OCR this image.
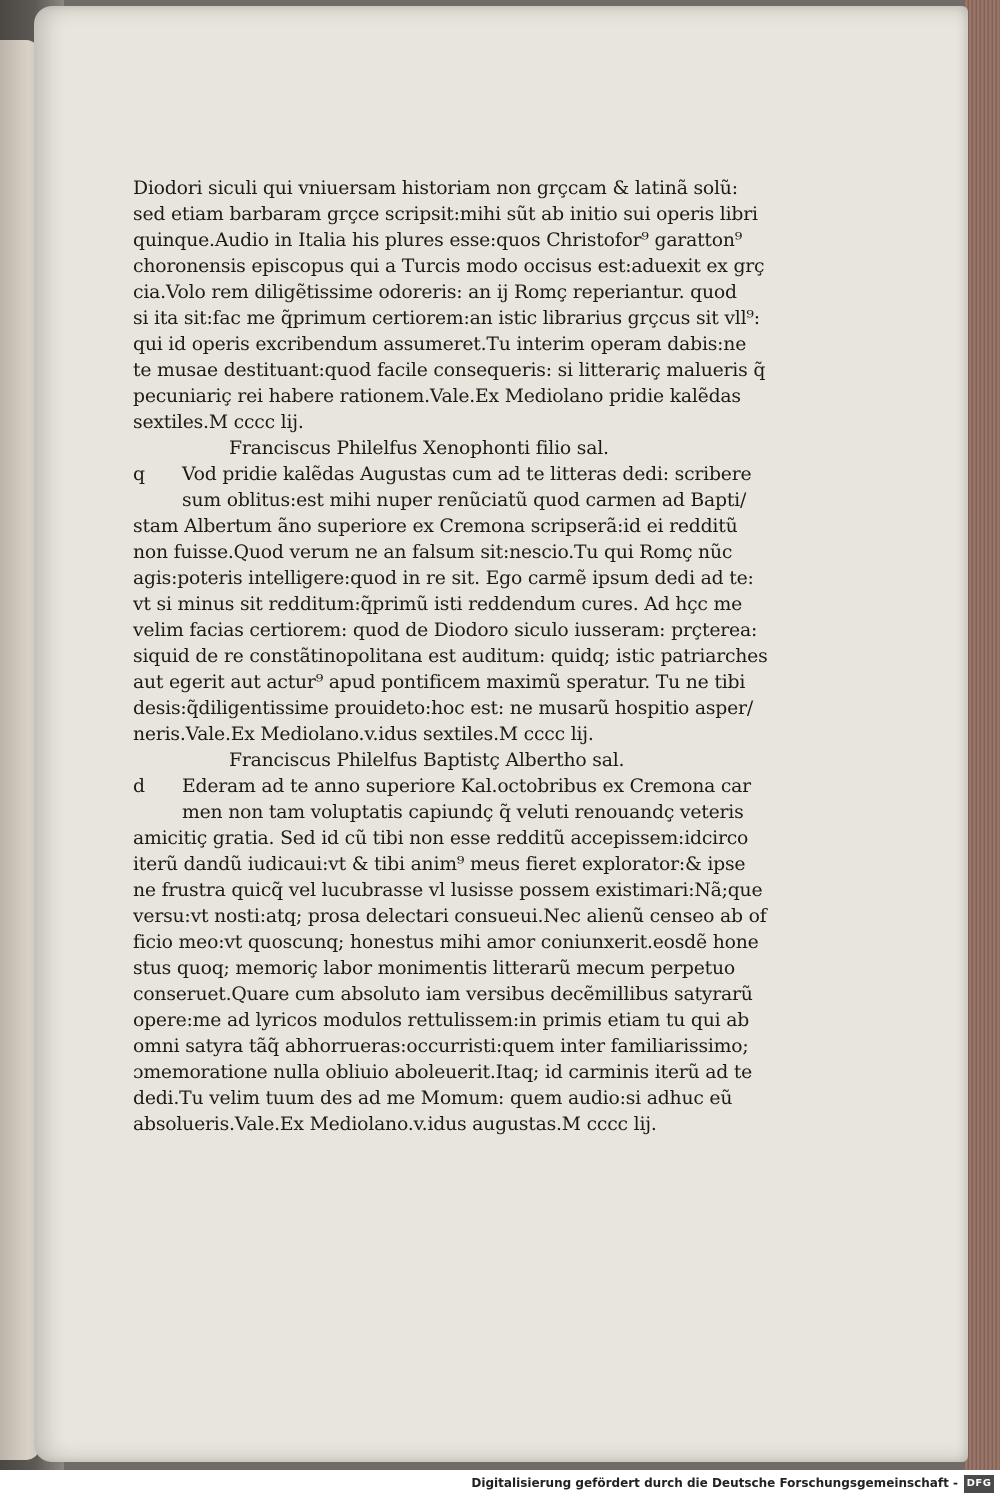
Diodori siculi qui vniuersam historiam non grçcam & latinã solũ:
sed etiam barbaram grçce scripsit:mihi sũt ab initio sui operis libri
quinque.Audio in Italia his plures esse:quos Christofor⁹ garatton⁹
choronensis episcopus qui a Turcis modo occisus est:aduexit ex grç
cia.Volo rem diligẽtissime odoreris: an ij Romç reperiantur. quod
si ita sit:fac me q̃primum certiorem:an istic librarius grçcus sit vll⁹:
qui id operis excribendum assumeret.Tu interim operam dabis:ne
te musae destituant:quod facile consequeris: si litterariç malueris q̃
pecuniariç rei habere rationem.Vale.Ex Mediolano pridie kalẽdas
sextiles.M cccc lij.
Franciscus Philelfus Xenophonti filio sal.
q	Vod pridie kalẽdas Augustas cum ad te litteras dedi: scribere
sum oblitus:est mihi nuper renũciatũ quod carmen ad Bapti/
stam Albertum ãno superiore ex Cremona scripserã:id ei redditũ
non fuisse.Quod verum ne an falsum sit:nescio.Tu qui Romç nũc
agis:poteris intelligere:quod in re sit. Ego carmẽ ipsum dedi ad te:
vt si minus sit redditum:q̃primũ isti reddendum cures. Ad hçc me
velim facias certiorem: quod de Diodoro siculo iusseram: prçterea:
siquid de re constãtinopolitana est auditum: quidq; istic patriarches
aut egerit aut actur⁹ apud pontificem maximũ speratur. Tu ne tibi
desis:q̃diligentissime prouideto:hoc est: ne musarũ hospitio asper/
neris.Vale.Ex Mediolano.v.idus sextiles.M cccc lij.
Franciscus Philelfus Baptistç Albertho sal.
d	Ederam ad te anno superiore Kal.octobribus ex Cremona car
men non tam voluptatis capiundç q̃ veluti renouandç veteris
amicitiç gratia. Sed id cũ tibi non esse redditũ accepissem:idcirco
iterũ dandũ iudicaui:vt & tibi anim⁹ meus fieret explorator:& ipse
ne frustra quicq̃ vel lucubrasse vl lusisse possem existimari:Nã;que
versu:vt nosti:atq; prosa delectari consueui.Nec alienũ censeo ab of
ficio meo:vt quoscunq; honestus mihi amor coniunxerit.eosdẽ hone
stus quoq; memoriç labor monimentis litterarũ mecum perpetuo
conseruet.Quare cum absoluto iam versibus decẽmillibus satyrarũ
opere:me ad lyricos modulos rettulissem:in primis etiam tu qui ab
omni satyra tãq̃ abhorrueras:occurristi:quem inter familiarissimo;
ɔmemoratione nulla obliuio aboleuerit.Itaq; id carminis iterũ ad te
dedi.Tu velim tuum des ad me Momum: quem audio:si adhuc eũ
absolueris.Vale.Ex Mediolano.v.idus augustas.M cccc lij.
Digitalisierung gefördert durch die Deutsche Forschungsgemeinschaft - DFG
